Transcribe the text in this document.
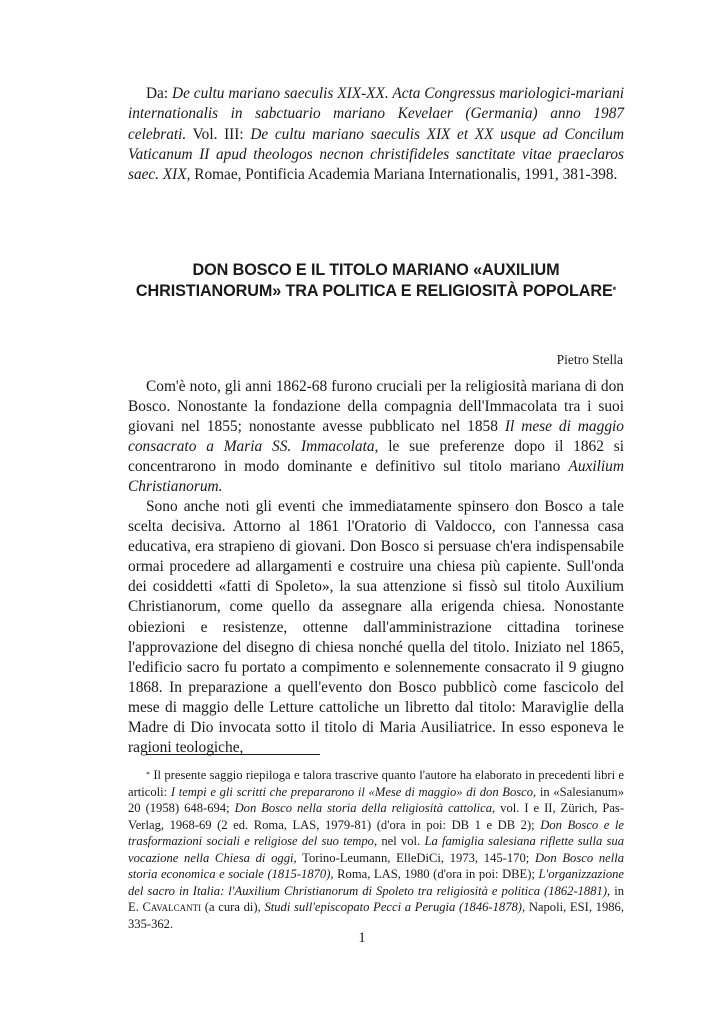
Da: De cultu mariano saeculis XIX-XX. Acta Congressus mariologici-mariani internationalis in sabctuario mariano Kevelaer (Germania) anno 1987 celebrati. Vol. III: De cultu mariano saeculis XIX et XX usque ad Concilum Vaticanum II apud theologos necnon christifideles sanctitate vitae praeclaros saec. XIX, Romae, Pontificia Academia Mariana Internationalis, 1991, 381-398.
DON BOSCO E IL TITOLO MARIANO «AUXILIUM CHRISTIANORUM» TRA POLITICA E RELIGIOSITÀ POPOLARE*
Pietro Stella

Com'è noto, gli anni 1862-68 furono cruciali per la religiosità mariana di don Bosco. Nonostante la fondazione della compagnia dell'Immacolata tra i suoi giovani nel 1855; nonostante avesse pubblicato nel 1858 Il mese di maggio consacrato a Maria SS. Immacolata, le sue preferenze dopo il 1862 si concentrarono in modo dominante e definitivo sul titolo mariano Auxilium Christianorum.

Sono anche noti gli eventi che immediatamente spinsero don Bosco a tale scelta decisiva. Attorno al 1861 l'Oratorio di Valdocco, con l'annessa casa educativa, era strapieno di giovani. Don Bosco si persuase ch'era indispensabile ormai procedere ad allargamenti e costruire una chiesa più capiente. Sull'onda dei cosiddetti «fatti di Spoleto», la sua attenzione si fissò sul titolo Auxilium Christianorum, come quello da assegnare alla erigenda chiesa. Nonostante obiezioni e resistenze, ottenne dall'amministrazione cittadina torinese l'approvazione del disegno di chiesa nonché quella del titolo. Iniziato nel 1865, l'edificio sacro fu portato a compimento e solennemente consacrato il 9 giugno 1868. In preparazione a quell'evento don Bosco pubblicò come fascicolo del mese di maggio delle Letture cattoliche un libretto dal titolo: Maraviglie della Madre di Dio invocata sotto il titolo di Maria Ausiliatrice. In esso esponeva le ragioni teologiche,

* Il presente saggio riepiloga e talora trascrive quanto l'autore ha elaborato in precedenti libri e articoli: I tempi e gli scritti che prepararono il «Mese di maggio» di don Bosco, in «Salesianum» 20 (1958) 648-694; Don Bosco nella storia della religiosità cattolica, vol. I e II, Zürich, Pas-Verlag, 1968-69 (2 ed. Roma, LAS, 1979-81) (d'ora in poi: DB 1 e DB 2); Don Bosco e le trasformazioni sociali e religiose del suo tempo, nel vol. La famiglia salesiana riflette sulla sua vocazione nella Chiesa di oggi, Torino-Leumann, ElleDiCi, 1973, 145-170; Don Bosco nella storia economica e sociale (1815-1870), Roma, LAS, 1980 (d'ora in poi: DBE); L'organizzazione del sacro in Italia: l'Auxilium Christianorum di Spoleto tra religiosità e politica (1862-1881), in E. Cavalcanti (a cura di), Studi sull'episcopato Pecci a Perugia (1846-1878), Napoli, ESI, 1986, 335-362.
1
